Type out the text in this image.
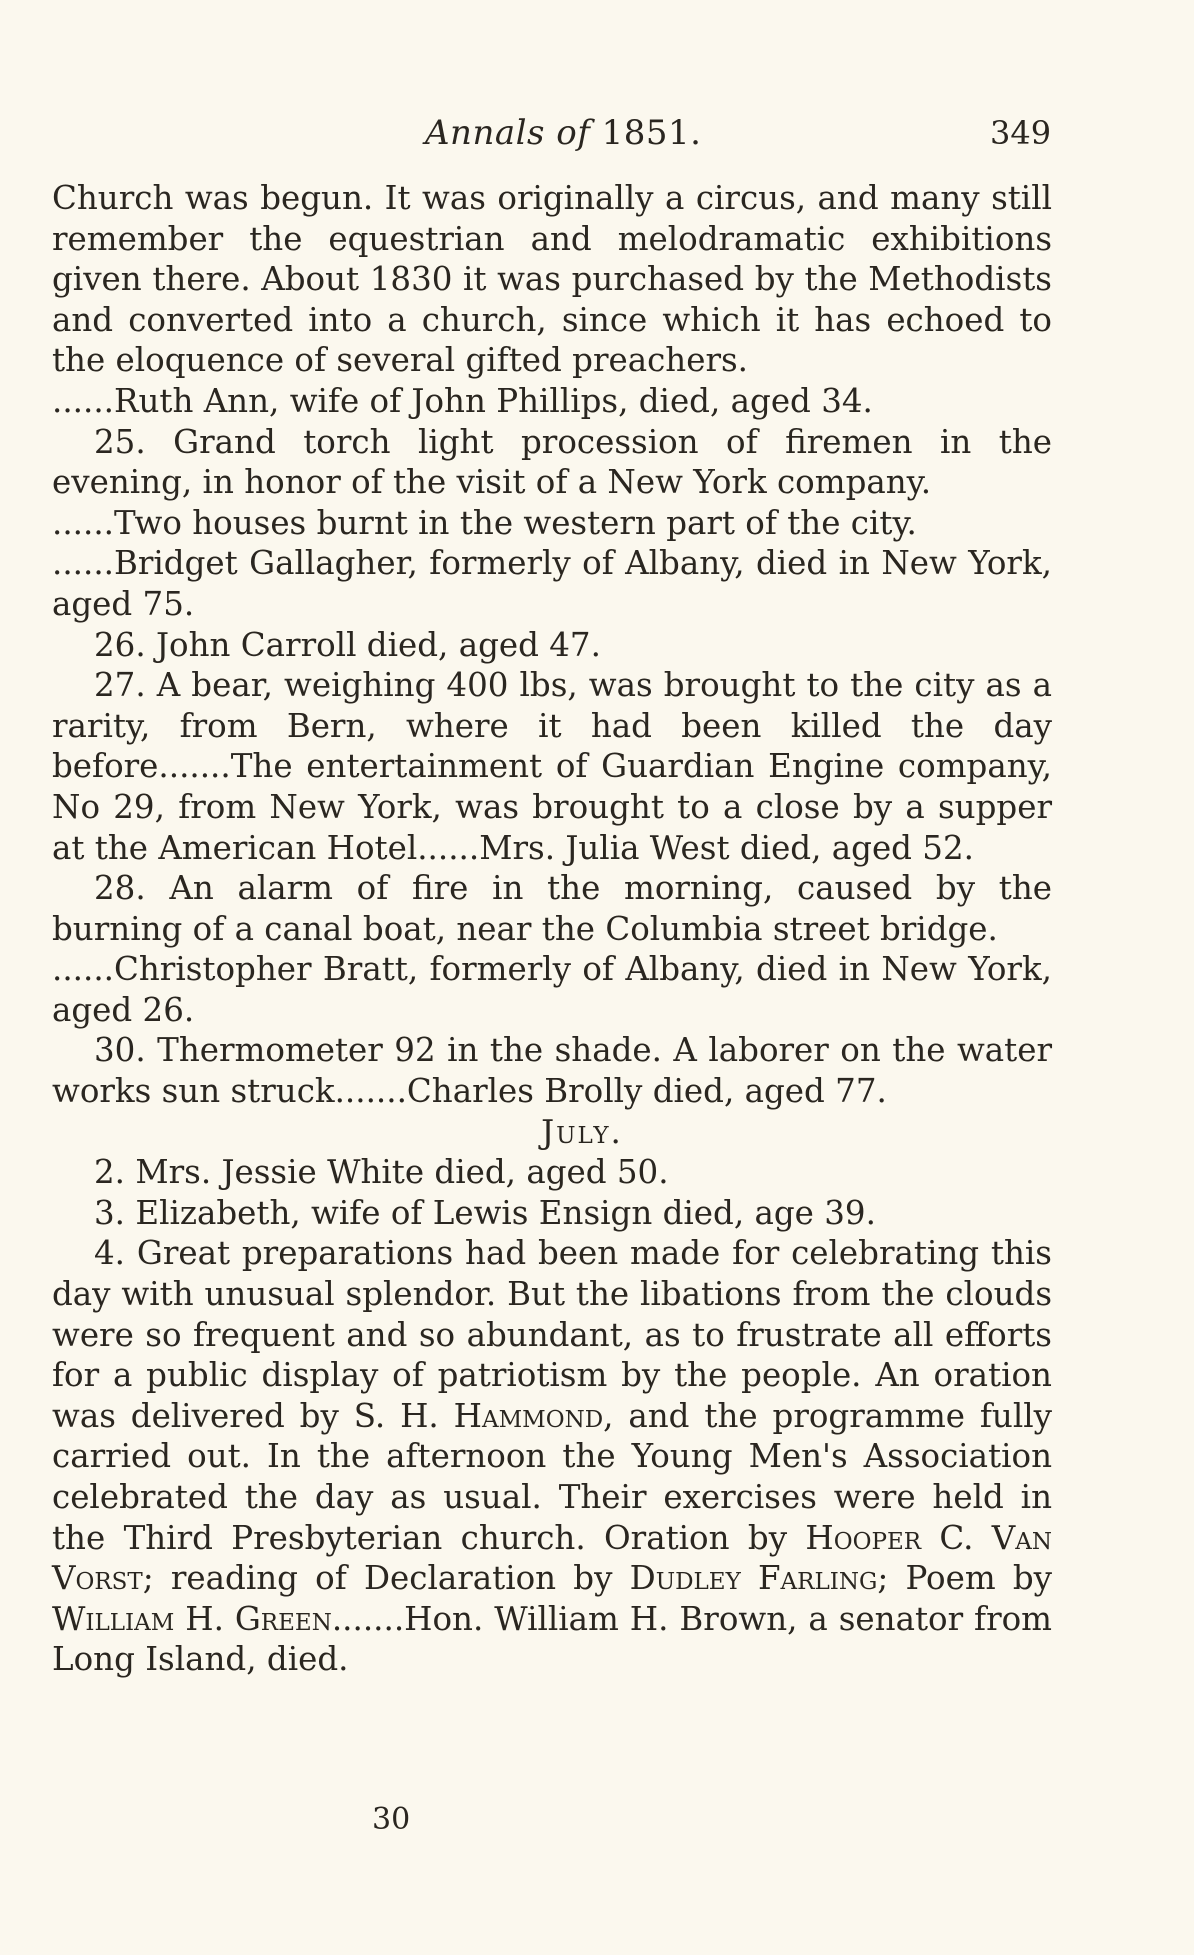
Annals of 1851.	349

Church was begun. It was originally a circus, and many still remember the equestrian and melodramatic exhibitions given there. About 1830 it was purchased by the Methodists and converted into a church, since which it has echoed to the eloquence of several gifted preachers.

......Ruth Ann, wife of John Phillips, died, aged 34.

25. Grand torch light procession of firemen in the evening, in honor of the visit of a New York company.

......Two houses burnt in the western part of the city.

......Bridget Gallagher, formerly of Albany, died in New York, aged 75.

26. John Carroll died, aged 47.

27. A bear, weighing 400 lbs, was brought to the city as a rarity, from Bern, where it had been killed the day before.......The entertainment of Guardian Engine company, No 29, from New York, was brought to a close by a supper at the American Hotel......Mrs. Julia West died, aged 52.

28. An alarm of fire in the morning, caused by the burning of a canal boat, near the Columbia street bridge.

......Christopher Bratt, formerly of Albany, died in New York, aged 26.

30. Thermometer 92 in the shade. A laborer on the water works sun struck.......Charles Brolly died, aged 77.

July.

2. Mrs. Jessie White died, aged 50.

3. Elizabeth, wife of Lewis Ensign died, age 39.

4. Great preparations had been made for celebrating this day with unusual splendor. But the libations from the clouds were so frequent and so abundant, as to frustrate all efforts for a public display of patriotism by the people. An oration was delivered by S. H. Hammond, and the programme fully carried out. In the afternoon the Young Men's Association celebrated the day as usual. Their exercises were held in the Third Presbyterian church. Oration by Hooper C. Van Vorst; reading of Declaration by Dudley Farling; Poem by William H. Green.......Hon. William H. Brown, a senator from Long Island, died.

30
